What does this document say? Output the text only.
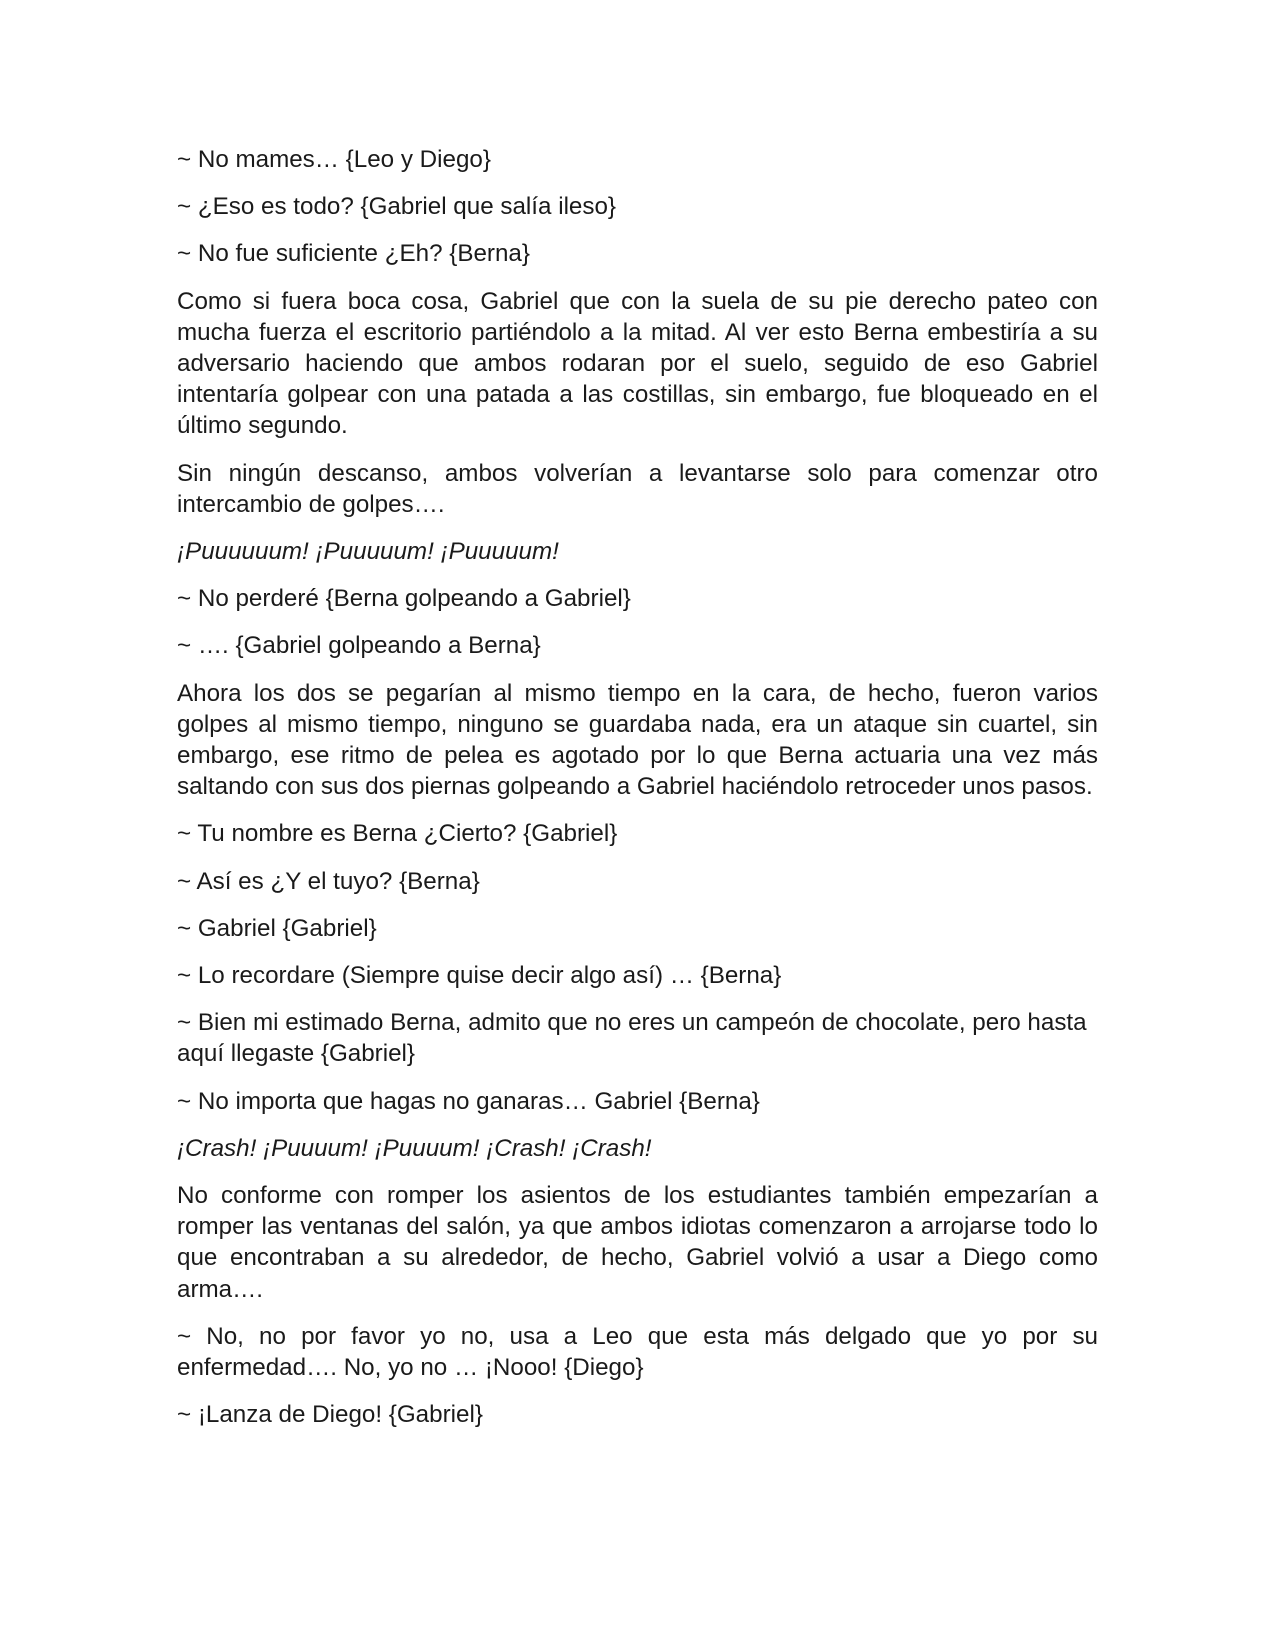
~ No mames… {Leo y Diego}

~ ¿Eso es todo? {Gabriel que salía ileso}

~ No fue suficiente ¿Eh? {Berna}

Como si fuera boca cosa, Gabriel que con la suela de su pie derecho pateo con mucha fuerza el escritorio partiéndolo a la mitad. Al ver esto Berna embestiría a su adversario haciendo que ambos rodaran por el suelo, seguido de eso Gabriel intentaría golpear con una patada a las costillas, sin embargo, fue bloqueado en el último segundo.

Sin ningún descanso, ambos volverían a levantarse solo para comenzar otro intercambio de golpes….

¡Puuuuuum! ¡Puuuuum! ¡Puuuuum!

~ No perderé {Berna golpeando a Gabriel}

~ …. {Gabriel golpeando a Berna}

Ahora los dos se pegarían al mismo tiempo en la cara, de hecho, fueron varios golpes al mismo tiempo, ninguno se guardaba nada, era un ataque sin cuartel, sin embargo, ese ritmo de pelea es agotado por lo que Berna actuaria una vez más saltando con sus dos piernas golpeando a Gabriel haciéndolo retroceder unos pasos.

~ Tu nombre es Berna ¿Cierto? {Gabriel}

~ Así es ¿Y el tuyo? {Berna}

~ Gabriel {Gabriel}

~ Lo recordare (Siempre quise decir algo así) … {Berna}

~ Bien mi estimado Berna, admito que no eres un campeón de chocolate, pero hasta aquí llegaste {Gabriel}

~ No importa que hagas no ganaras… Gabriel {Berna}

¡Crash! ¡Puuuum! ¡Puuuum! ¡Crash! ¡Crash!

No conforme con romper los asientos de los estudiantes también empezarían a romper las ventanas del salón, ya que ambos idiotas comenzaron a arrojarse todo lo que encontraban a su alrededor, de hecho, Gabriel volvió a usar a Diego como arma….

~ No, no por favor yo no, usa a Leo que esta más delgado que yo por su enfermedad…. No, yo no … ¡Nooo! {Diego}

~ ¡Lanza de Diego! {Gabriel}
